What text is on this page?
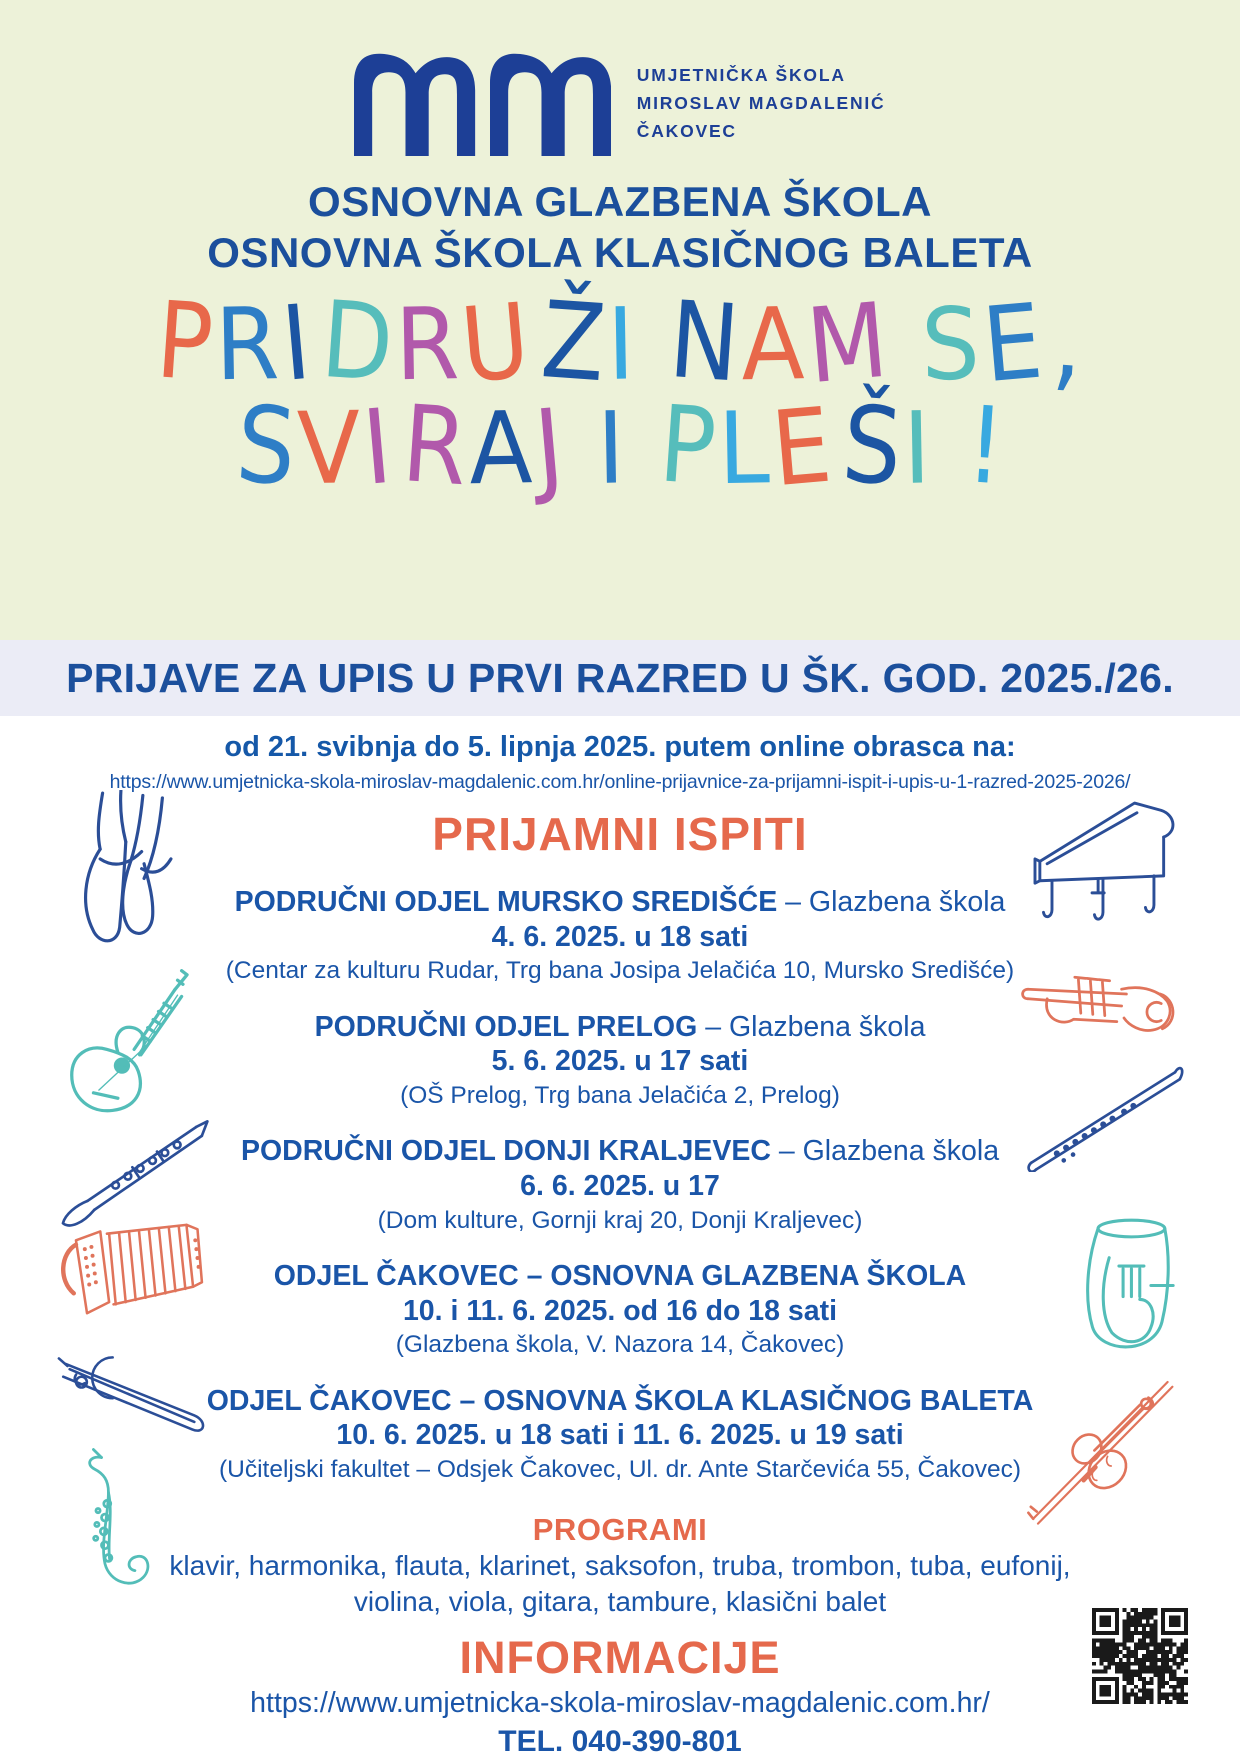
UMJETNIČKA ŠKOLA
MIROSLAV MAGDALENIĆ
ČAKOVEC
OSNOVNA GLAZBENA ŠKOLA
OSNOVNA ŠKOLA KLASIČNOG BALETA
PRIDRUŽI NAM SE,
SVIRAJ I PLEŠI !
PRIJAVE ZA UPIS U PRVI RAZRED U ŠK. GOD. 2025./26.
od 21. svibnja do 5. lipnja 2025. putem online obrasca na:
https://www.umjetnicka-skola-miroslav-magdalenic.com.hr/online-prijavnice-za-prijamni-ispit-i-upis-u-1-razred-2025-2026/
PRIJAMNI ISPITI
PODRUČNI ODJEL MURSKO SREDIŠĆE – Glazbena škola
4. 6. 2025. u 18 sati
(Centar za kulturu Rudar, Trg bana Josipa Jelačića 10, Mursko Središće)
PODRUČNI ODJEL PRELOG – Glazbena škola
5. 6. 2025. u 17 sati
(OŠ Prelog, Trg bana Jelačića 2, Prelog)
PODRUČNI ODJEL DONJI KRALJEVEC – Glazbena škola
6. 6. 2025. u 17
(Dom kulture, Gornji kraj 20, Donji Kraljevec)
ODJEL ČAKOVEC – OSNOVNA GLAZBENA ŠKOLA
10. i 11. 6. 2025. od 16 do 18 sati
(Glazbena škola, V. Nazora 14, Čakovec)
ODJEL ČAKOVEC – OSNOVNA ŠKOLA KLASIČNOG BALETA
10. 6. 2025. u 18 sati i 11. 6. 2025. u 19 sati
(Učiteljski fakultet – Odsjek Čakovec, Ul. dr. Ante Starčevića 55, Čakovec)
PROGRAMI
klavir, harmonika, flauta, klarinet, saksofon, truba, trombon, tuba, eufonij,
violina, viola, gitara, tambure, klasični balet
INFORMACIJE
https://www.umjetnicka-skola-miroslav-magdalenic.com.hr/
TEL. 040-390-801
